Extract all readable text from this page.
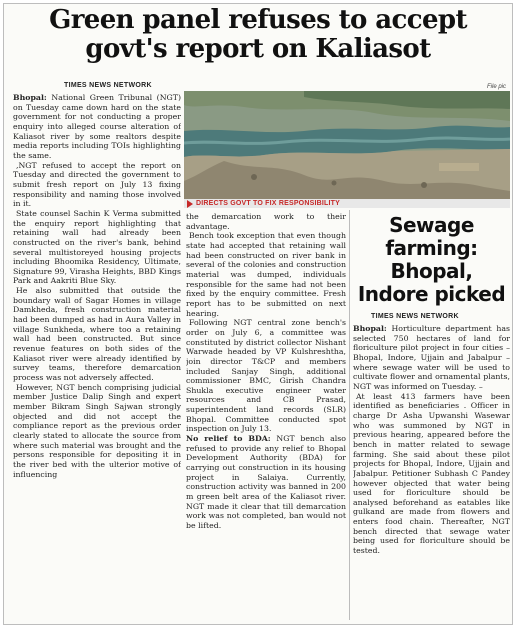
Green panel refuses to accept govt's report on Kaliasot
TIMES NEWS NETWORK	File pic
DIRECTS GOVT TO FIX RESPONSIBILITY

Bhopal: National Green Tribunal (NGT) on Tuesday came down hard on the state government for not conducting a proper enquiry into alleged course alteration of Kaliasot river by some realtors despite media reports including TOIs highlighting the same.

,NGT refused to accept the report on Tuesday and directed the government to submit fresh report on July 13 fixing responsibility and naming those involved in it.

State counsel Sachin K Verma submitted the enquiry report highlighting that retaining wall had already been constructed on the river's bank, behind several multistoreyed housing projects including Bhoomika Residency, Ultimate, Signature 99, Virasha Heights, BBD Kings Park and Aakriti Blue Sky.

He also submitted that outside the boundary wall of Sagar Homes in village Damkheda, fresh construction material had been dumped as had in Aura Valley in village Sunkheda, where too a retaining wall had been constructed. But since revenue features on both sides of the Kaliasot river were already identified by survey teams, therefore demarcation process was not adversely affected.

However, NGT bench comprising judicial member Justice Dalip Singh and expert member Bikram Singh Sajwan strongly objected and did not accept the compliance report as the previous order clearly stated to allocate the source from where such material was brought and the persons responsible for depositing it in the river bed with the ulterior motive of influencing

the demarcation work to their advantage.

Bench took exception that even though state had accepted that retaining wall had been constructed on river bank in several of the colonies and construction material was dumped, individuals responsible for the same had not been fixed by the enquiry committee. Fresh report has to be submitted on next hearing.

Following NGT central zone bench's order on July 6, a committee was constituted by district collector Nishant Warwade headed by VP Kulshreshtha, join director T&CP and members included Sanjay Singh, additional commissioner BMC, Girish Chandra Shukla executive engineer water resources and CB Prasad, superintendent land records (SLR) Bhopal. Committee conducted spot inspection on July 13.

No relief to BDA: NGT bench also refused to provide any relief to Bhopal Development Authority (BDA) for carrying out construction in its housing project in Salaiya. Currently, construction activity was banned in 200 m green belt area of the Kaliasot river. NGT made it clear that till demarcation work was not completed, ban would not be lifted.

Sewage farming: Bhopal, Indore picked
TIMES NEWS NETWORK

Bhopal: Horticulture department has selected 750 hectares of land for floriculture pilot project in four cities – Bhopal, Indore, Ujjain and Jabalpur – where sewage water will be used to cultivate flower and ornamental plants, NGT was informed on Tuesday. –

At least 413 farmers have been identified as beneficiaries . Officer in charge Dr Asha Upwanshi Wasewar who was summoned by NGT in previous hearing, appeared before the bench in matter related to sewage farming. She said about these pilot projects for Bhopal, Indore, Ujjain and Jabalpur. Petitioner Subhash C Pandey however objected that water being used for floriculture should be analysed beforehand as eatables like gulkand are made from flowers and enters food chain. Thereafter, NGT bench directed that sewage water being used for floriculture should be tested.
